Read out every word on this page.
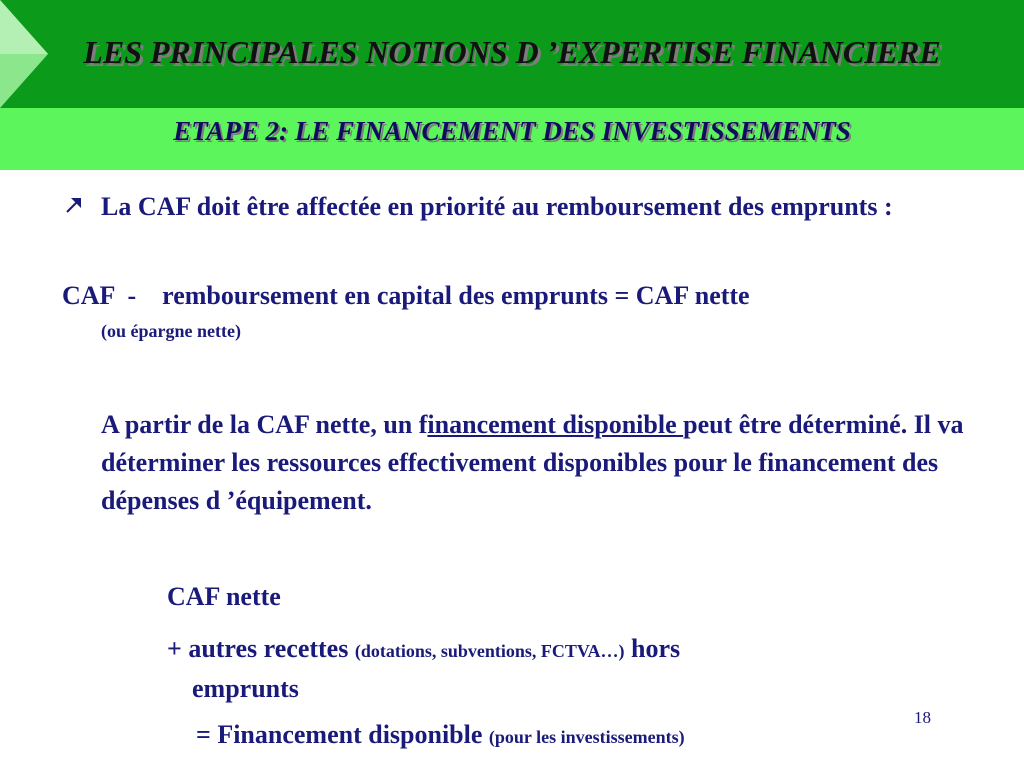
LES PRINCIPALES NOTIONS D ’EXPERTISE FINANCIERE
ETAPE 2: LE FINANCEMENT DES INVESTISSEMENTS
La CAF doit être affectée en priorité au remboursement des emprunts :
CAF  -    remboursement en capital des emprunts = CAF nette
(ou épargne nette)
A partir de la CAF nette, un financement disponible peut être déterminé. Il va déterminer les ressources effectivement disponibles pour le financement des dépenses d ’équipement.
CAF nette
+ autres recettes (dotations, subventions, FCTVA…) hors
emprunts
= Financement disponible (pour les investissements)
18
